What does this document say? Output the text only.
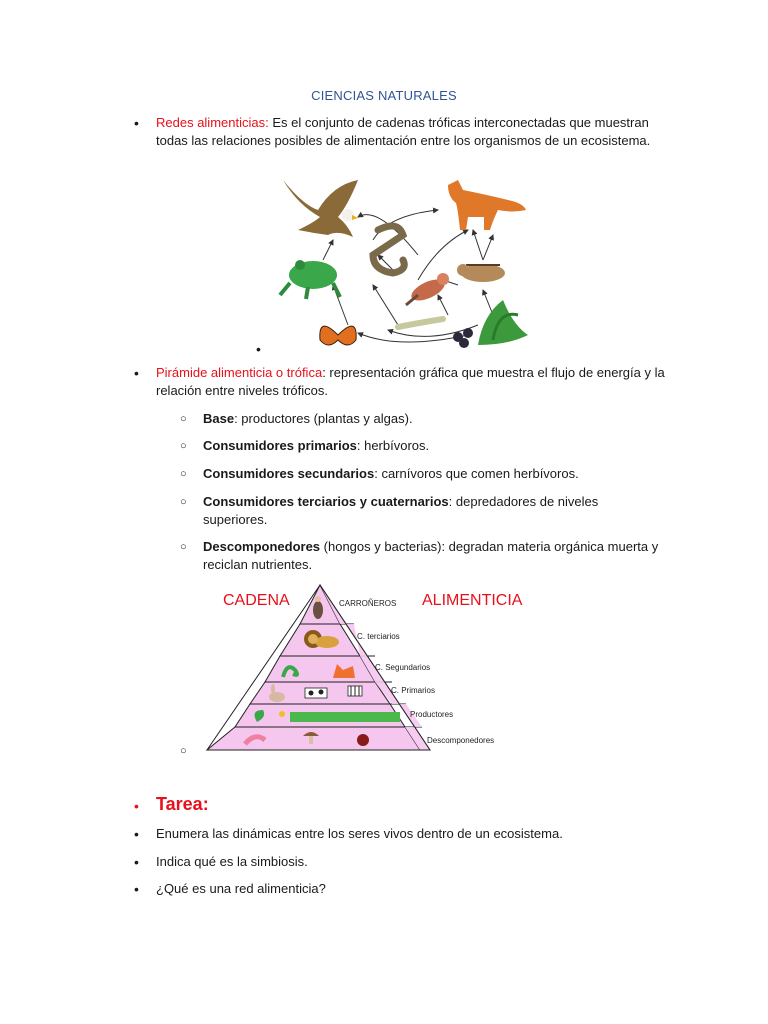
CIENCIAS NATURALES
•	Redes alimenticias: Es el conjunto de cadenas tróficas interconectadas que muestran todas las relaciones posibles de alimentación entre los organismos de un ecosistema.
•
•	Pirámide alimenticia o trófica: representación gráfica que muestra el flujo de energía y la relación entre niveles tróficos.
○ Base: productores (plantas y algas).
○ Consumidores primarios: herbívoros.
○ Consumidores secundarios: carnívoros que comen herbívoros.
○ Consumidores terciarios y cuaternarios: depredadores de niveles superiores.
○ Descomponedores (hongos y bacterias): degradan materia orgánica muerta y reciclan nutrientes.
CADENA	ALIMENTICIA
CARROÑEROS
C. terciarios
C. Segundarios
C. Primarios
Productores
Descomponedores
○
• Tarea:
•	Enumera las dinámicas entre los seres vivos dentro de un ecosistema.
•	Indica qué es la simbiosis.
•	¿Qué es una red alimenticia?
